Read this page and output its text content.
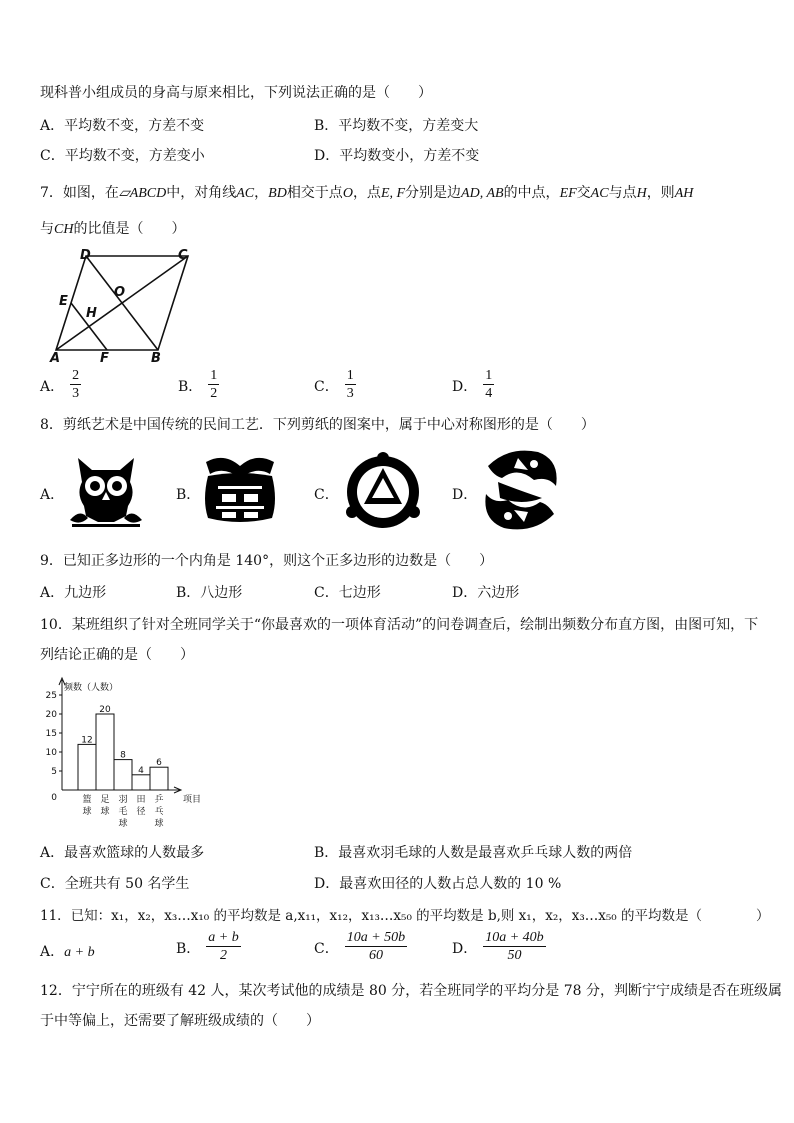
现科普小组成员的身高与原来相比，下列说法正确的是（　　）
A．平均数不变，方差不变	B．平均数不变，方差变大
C．平均数不变，方差变小	D．平均数变小，方差不变
7．如图，在▱ABCD中，对角线AC，BD相交于点O，点E, F分别是边AD, AB的中点，EF交AC与点H，则AH
与CH的比值是（　　）
D	C
E
O
H
A	F	B
A． $\frac{2}{3}$	B． $\frac{1}{2}$	C． $\frac{1}{3}$	D． $\frac{1}{4}$
8．剪纸艺术是中国传统的民间工艺．下列剪纸的图案中，属于中心对称图形的是（　　）
A．	B．	C．	D．
9．已知正多边形的一个内角是 140°，则这个正多边形的边数是（　　）
A．九边形	B．八边形	C．七边形	D．六边形
10．某班组织了针对全班同学关于“你最喜欢的一项体育活动”的问卷调查后，绘制出频数分布直方图，由图可知，下
列结论正确的是（　　）
频数（人数）
0
5
10
15
20
25
12
篮
球
20
足
球
8
羽
毛
球
4
田
径
6
乒
乓
球
项目
A．最喜欢篮球的人数最多	B．最喜欢羽毛球的人数是最喜欢乒乓球人数的两倍
C．全班共有 50 名学生	D．最喜欢田径的人数占总人数的 10 %
11．已知：x₁，x₂，x₃…x₁₀ 的平均数是 a,x₁₁，x₁₂，x₁₃…x₅₀ 的平均数是 b,则 x₁，x₂，x₃…x₅₀ 的平均数是（　　　　）
A．a + b	B． $\frac{a + b}{2}$	C． $\frac{10a + 50b}{60}$	D． $\frac{10a + 40b}{50}$
12．宁宁所在的班级有 42 人，某次考试他的成绩是 80 分，若全班同学的平均分是 78 分，判断宁宁成绩是否在班级属
于中等偏上，还需要了解班级成绩的（　　）
